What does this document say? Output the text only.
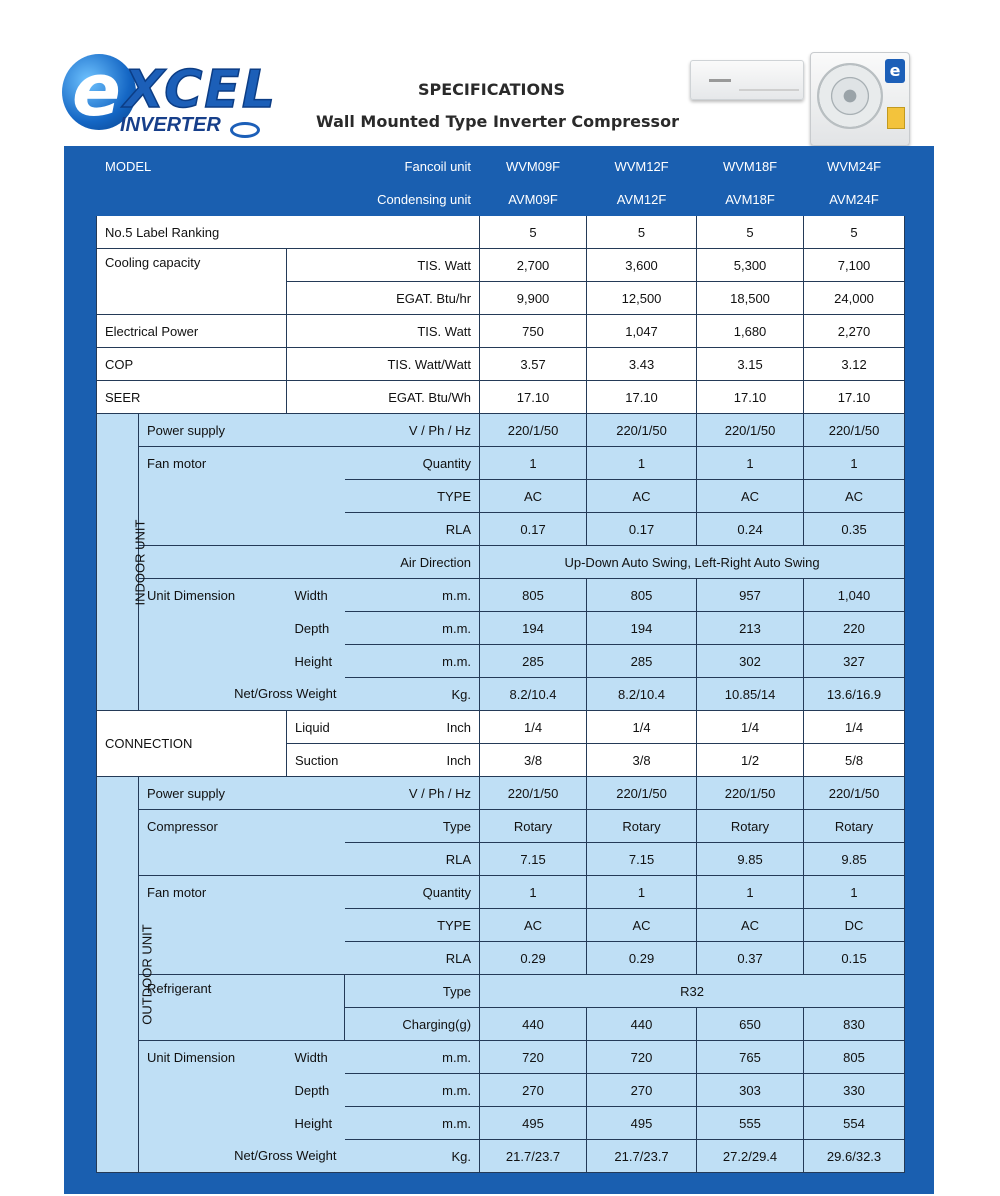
e XCEL
INVERTER
SPECIFICATIONS
Wall Mounted Type Inverter Compressor
e
MODEL		Fancoil unit		WVM09F	WVM12F	WVM18F	WVM24F
		Condensing unit		AVM09F	AVM12F	AVM18F	AVM24F
No.5 Label Ranking				5	5	5	5
Cooling capacity		TIS. Watt		2,700	3,600	5,300	7,100
		EGAT. Btu/hr		9,900	12,500	18,500	24,000
Electrical Power		TIS. Watt		750	1,047	1,680	2,270
COP		TIS. Watt/Watt		3.57	3.43	3.15	3.12
SEER		EGAT. Btu/Wh		17.10	17.10	17.10	17.10
INDOOR UNIT	Power supply		V / Ph / Hz	220/1/50	220/1/50	220/1/50	220/1/50
	Fan motor		Quantity	1	1	1	1
			TYPE	AC	AC	AC	AC
			RLA	0.17	0.17	0.24	0.35
	Air Direction			Up-Down Auto Swing, Left-Right Auto Swing			
	Unit Dimension	Width	m.m.	805	805	957	1,040
		Depth	m.m.	194	194	213	220
		Height	m.m.	285	285	302	327
	Net/Gross Weight		Kg.	8.2/10.4	8.2/10.4	10.85/14	13.6/16.9
CONNECTION		Liquid	Inch	1/4	1/4	1/4	1/4
		Suction	Inch	3/8	3/8	1/2	5/8
OUTDOOR UNIT	Power supply		V / Ph / Hz	220/1/50	220/1/50	220/1/50	220/1/50
	Compressor		Type	Rotary	Rotary	Rotary	Rotary
			RLA	7.15	7.15	9.85	9.85
	Fan motor		Quantity	1	1	1	1
			TYPE	AC	AC	AC	DC
			RLA	0.29	0.29	0.37	0.15
	Refrigerant		Type	R32			
			Charging(g)	440	440	650	830
	Unit Dimension	Width	m.m.	720	720	765	805
		Depth	m.m.	270	270	303	330
		Height	m.m.	495	495	555	554
	Net/Gross Weight		Kg.	21.7/23.7	21.7/23.7	27.2/29.4	29.6/32.3
